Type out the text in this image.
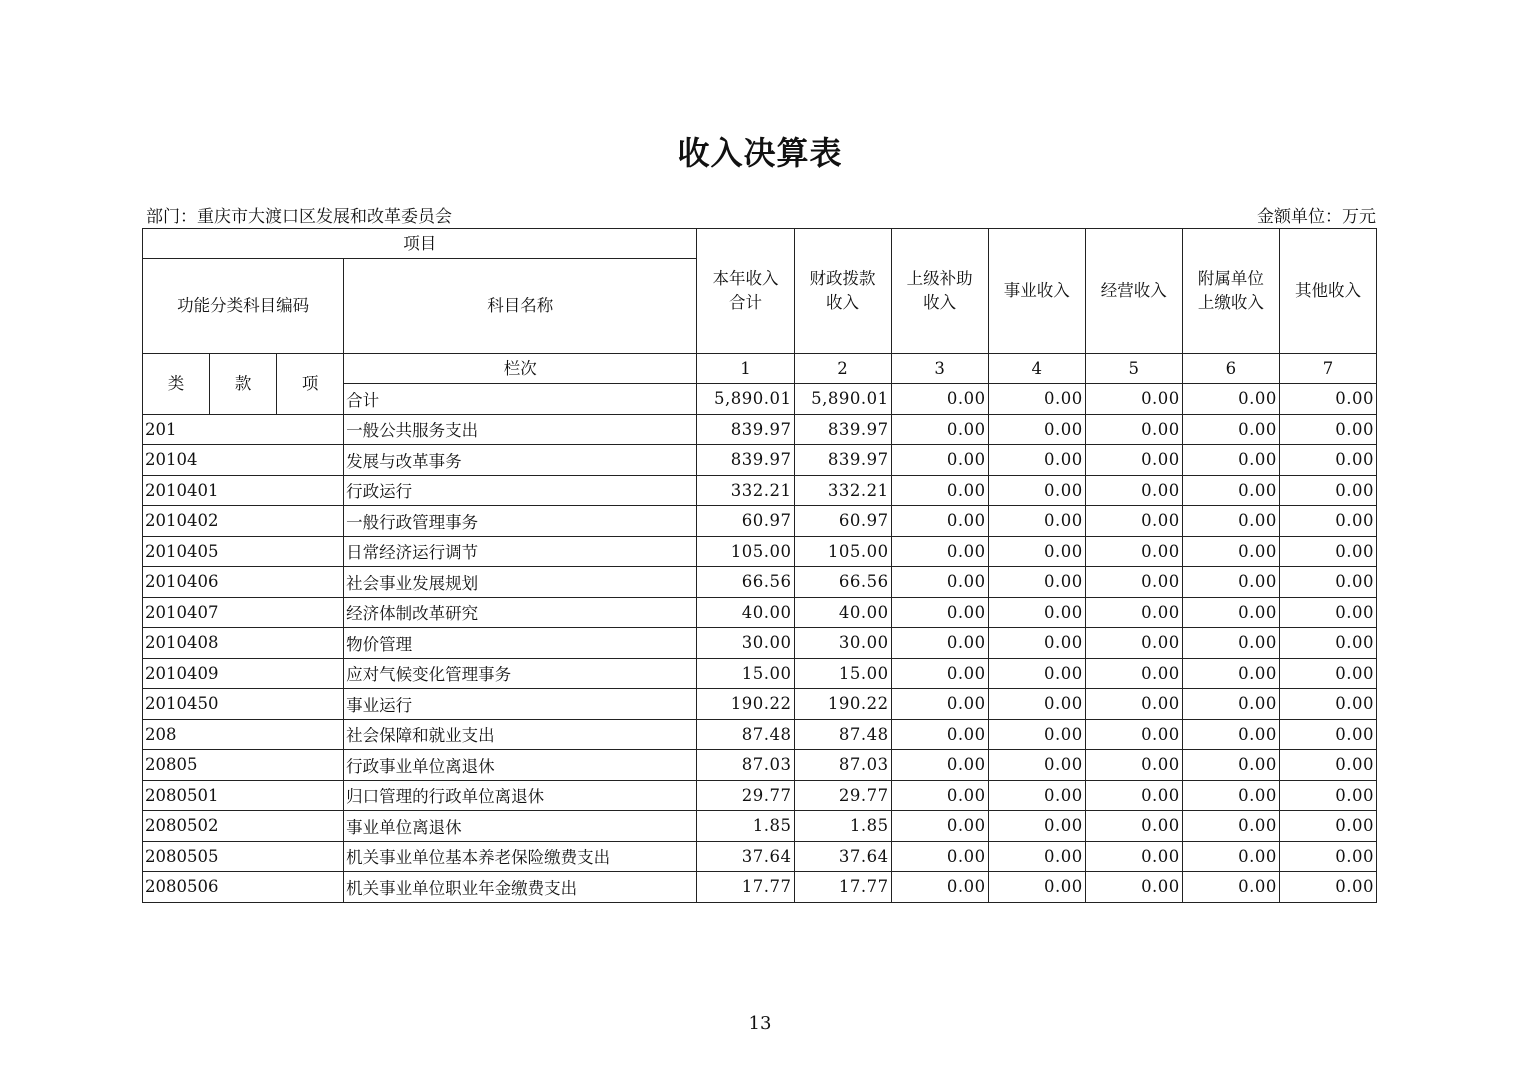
收入决算表
部门：重庆市大渡口区发展和改革委员会	金额单位：万元
项目				本年收入合计	财政拨款收入	上级补助收入	事业收入	经营收入	附属单位上缴收入	其他收入
功能分类科目编码			科目名称							
类	款	项	栏次	1	2	3	4	5	6	7
			合计	5,890.01	5,890.01	0.00	0.00	0.00	0.00	0.00
201			一般公共服务支出	839.97	839.97	0.00	0.00	0.00	0.00	0.00
20104			发展与改革事务	839.97	839.97	0.00	0.00	0.00	0.00	0.00
2010401			行政运行	332.21	332.21	0.00	0.00	0.00	0.00	0.00
2010402			一般行政管理事务	60.97	60.97	0.00	0.00	0.00	0.00	0.00
2010405			日常经济运行调节	105.00	105.00	0.00	0.00	0.00	0.00	0.00
2010406			社会事业发展规划	66.56	66.56	0.00	0.00	0.00	0.00	0.00
2010407			经济体制改革研究	40.00	40.00	0.00	0.00	0.00	0.00	0.00
2010408			物价管理	30.00	30.00	0.00	0.00	0.00	0.00	0.00
2010409			应对气候变化管理事务	15.00	15.00	0.00	0.00	0.00	0.00	0.00
2010450			事业运行	190.22	190.22	0.00	0.00	0.00	0.00	0.00
208			社会保障和就业支出	87.48	87.48	0.00	0.00	0.00	0.00	0.00
20805			行政事业单位离退休	87.03	87.03	0.00	0.00	0.00	0.00	0.00
2080501			归口管理的行政单位离退休	29.77	29.77	0.00	0.00	0.00	0.00	0.00
2080502			事业单位离退休	1.85	1.85	0.00	0.00	0.00	0.00	0.00
2080505			机关事业单位基本养老保险缴费支出	37.64	37.64	0.00	0.00	0.00	0.00	0.00
2080506			机关事业单位职业年金缴费支出	17.77	17.77	0.00	0.00	0.00	0.00	0.00
13
